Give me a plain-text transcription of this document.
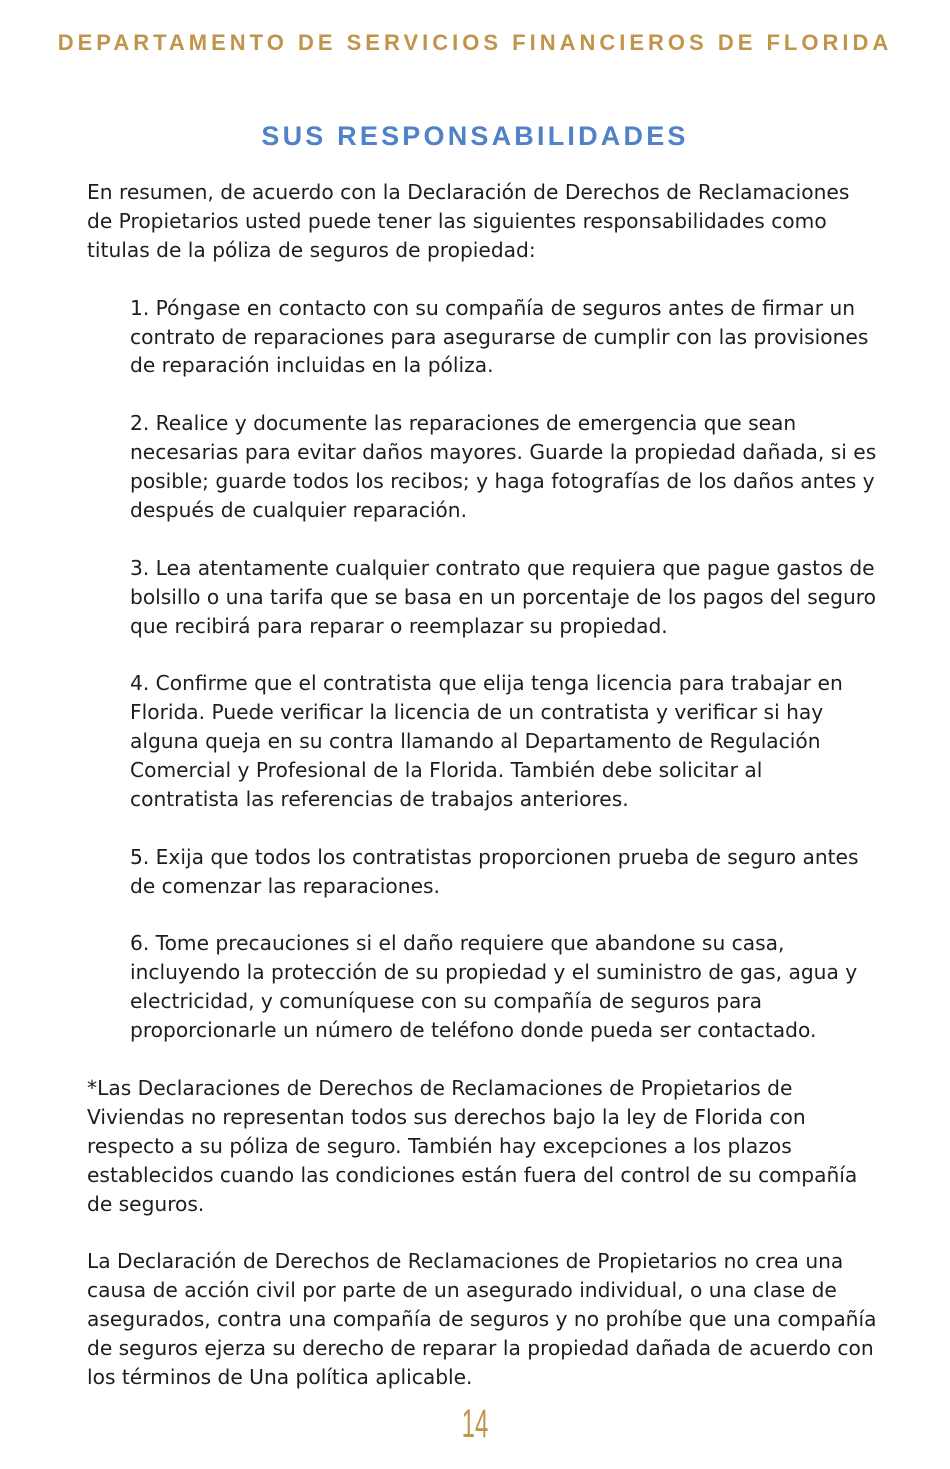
DEPARTAMENTO DE SERVICIOS FINANCIEROS DE FLORIDA
SUS RESPONSABILIDADES

En resumen, de acuerdo con la Declaración de Derechos de Reclamaciones de Propietarios usted puede tener las siguientes responsabilidades como titulas de la póliza de seguros de propiedad:

1. Póngase en contacto con su compañía de seguros antes de firmar un contrato de reparaciones para asegurarse de cumplir con las provisiones de reparación incluidas en la póliza.

2. Realice y documente las reparaciones de emergencia que sean necesarias para evitar daños mayores. Guarde la propiedad dañada, si es posible; guarde todos los recibos; y haga fotografías de los daños antes y después de cualquier reparación.

3. Lea atentamente cualquier contrato que requiera que pague gastos de bolsillo o una tarifa que se basa en un porcentaje de los pagos del seguro que recibirá para reparar o reemplazar su propiedad.

4. Confirme que el contratista que elija tenga licencia para trabajar en Florida. Puede verificar la licencia de un contratista y verificar si hay alguna queja en su contra llamando al Departamento de Regulación Comercial y Profesional de la Florida. También debe solicitar al contratista las referencias de trabajos anteriores.

5. Exija que todos los contratistas proporcionen prueba de seguro antes de comenzar las reparaciones.

6. Tome precauciones si el daño requiere que abandone su casa, incluyendo la protección de su propiedad y el suministro de gas, agua y electricidad, y comuníquese con su compañía de seguros para proporcionarle un número de teléfono donde pueda ser contactado.

*Las Declaraciones de Derechos de Reclamaciones de Propietarios de Viviendas no representan todos sus derechos bajo la ley de Florida con respecto a su póliza de seguro. También hay excepciones a los plazos establecidos cuando las condiciones están fuera del control de su compañía de seguros.

La Declaración de Derechos de Reclamaciones de Propietarios no crea una causa de acción civil por parte de un asegurado individual, o una clase de asegurados, contra una compañía de seguros y no prohíbe que una compañía de seguros ejerza su derecho de reparar la propiedad dañada de acuerdo con los términos de Una política aplicable.

14
